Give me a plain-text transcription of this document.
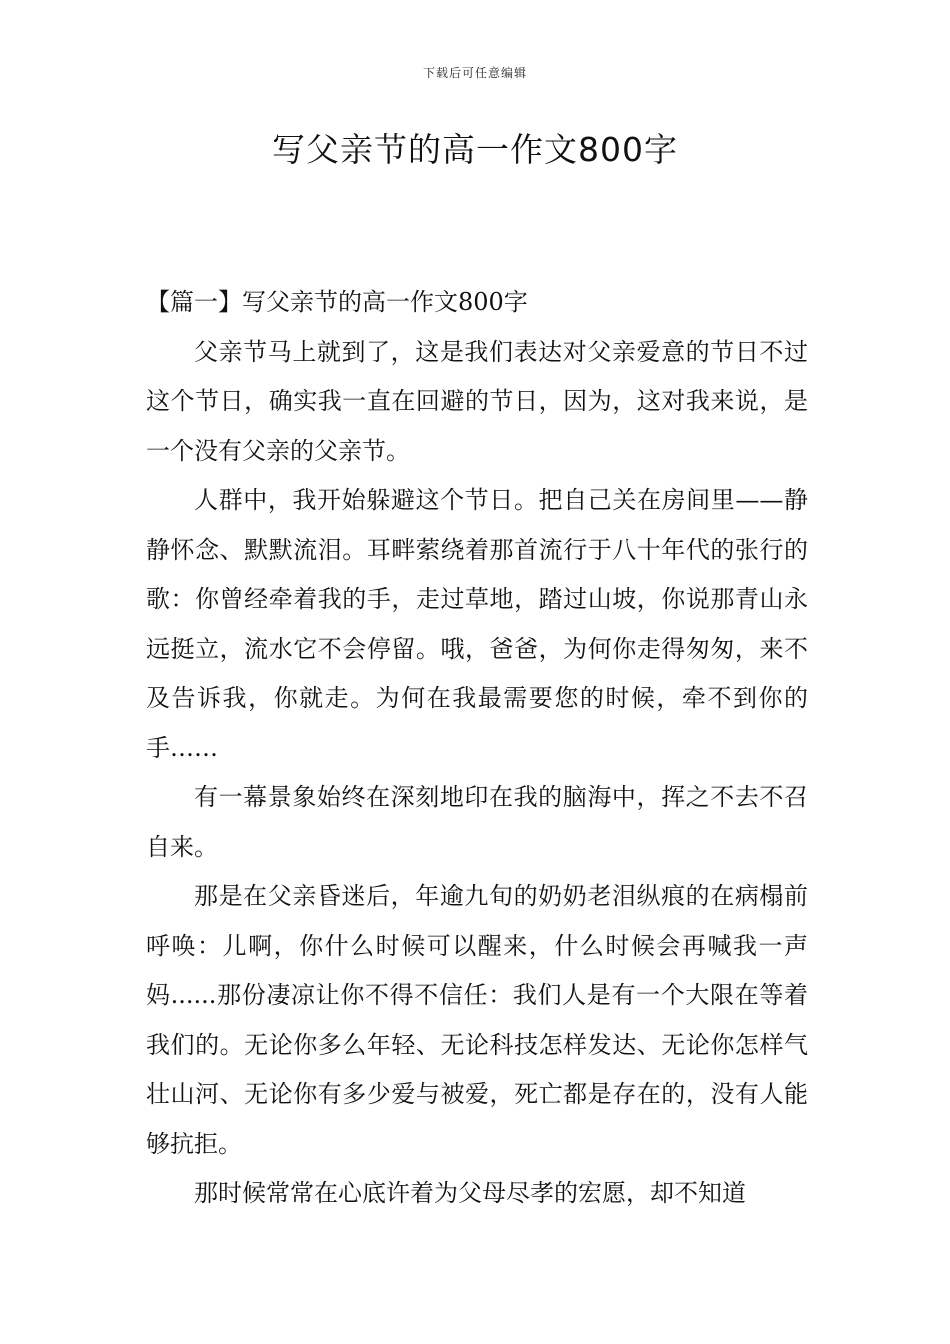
下载后可任意编辑
写父亲节的高一作文800字
【篇一】写父亲节的高一作文800字

父亲节马上就到了，这是我们表达对父亲爱意的节日不过这个节日，确实我一直在回避的节日，因为，这对我来说，是一个没有父亲的父亲节。

人群中，我开始躲避这个节日。把自己关在房间里——静静怀念、默默流泪。耳畔萦绕着那首流行于八十年代的张行的歌：你曾经牵着我的手，走过草地，踏过山坡，你说那青山永远挺立，流水它不会停留。哦，爸爸，为何你走得匆匆，来不及告诉我，你就走。为何在我最需要您的时候，牵不到你的手……

有一幕景象始终在深刻地印在我的脑海中，挥之不去不召自来。

那是在父亲昏迷后，年逾九旬的奶奶老泪纵痕的在病榻前呼唤：儿啊，你什么时候可以醒来，什么时候会再喊我一声妈......那份凄凉让你不得不信任：我们人是有一个大限在等着我们的。无论你多么年轻、无论科技怎样发达、无论你怎样气壮山河、无论你有多少爱与被爱，死亡都是存在的，没有人能够抗拒。

那时候常常在心底许着为父母尽孝的宏愿，却不知道
